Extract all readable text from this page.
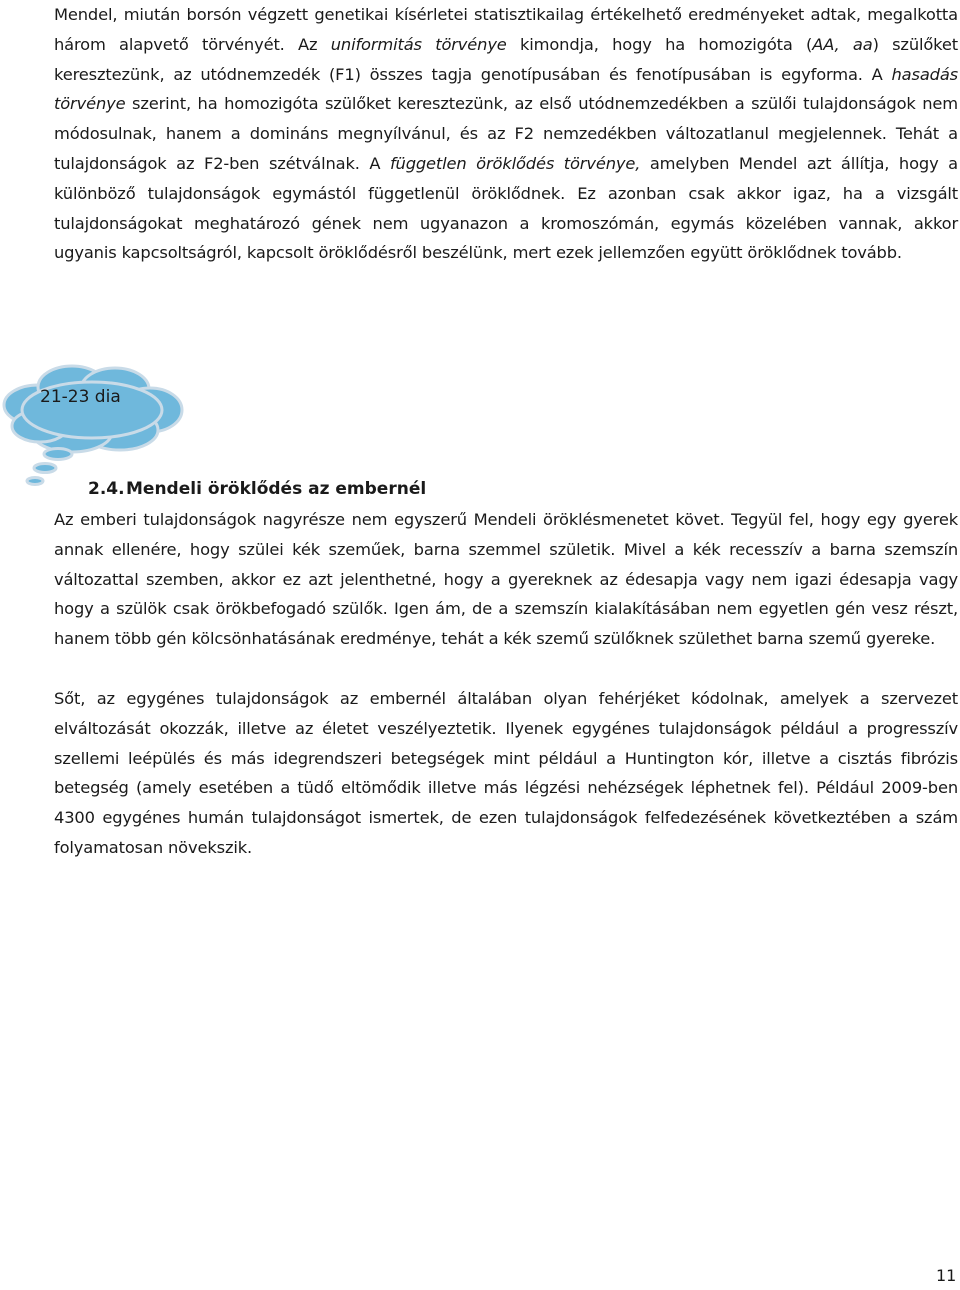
Mendel, miután borsón végzett genetikai kísérletei statisztikailag értékelhető eredményeket adtak, megalkotta három alapvető törvényét. Az uniformitás törvénye kimondja, hogy ha homozigóta (AA, aa) szülőket keresztezünk, az utódnemzedék (F1) összes tagja genotípusában és fenotípusában is egyforma. A hasadás törvénye szerint, ha homozigóta szülőket keresztezünk, az első utódnemzedékben a szülői tulajdonságok nem módosulnak, hanem a domináns megnyílvánul, és az F2 nemzedékben változatlanul megjelennek. Tehát a tulajdonságok az F2-ben szétválnak. A független öröklődés törvénye, amelyben Mendel azt állítja, hogy a különböző tulajdonságok egymástól függetlenül öröklődnek. Ez azonban csak akkor igaz, ha a vizsgált tulajdonságokat meghatározó gének nem ugyanazon a kromoszómán, egymás közelében vannak, akkor ugyanis kapcsoltságról, kapcsolt öröklődésről beszélünk, mert ezek jellemzően együtt öröklődnek tovább.

21-23 dia
2.4.Mendeli öröklődés az embernél

Az emberi tulajdonságok nagyrésze nem egyszerű Mendeli öröklésmenetet követ. Tegyül fel, hogy egy gyerek annak ellenére, hogy szülei kék szeműek, barna szemmel születik. Mivel a kék recesszív a barna szemszín változattal szemben, akkor ez azt jelenthetné, hogy a gyereknek az édesapja vagy nem igazi édesapja vagy hogy a szülök csak örökbefogadó szülők. Igen ám, de a szemszín kialakításában nem egyetlen gén vesz részt, hanem több gén kölcsönhatásának eredménye, tehát a kék szemű szülőknek születhet barna szemű gyereke.

Sőt, az egygénes tulajdonságok az embernél általában olyan fehérjéket kódolnak, amelyek a szervezet elváltozását okozzák, illetve az életet veszélyeztetik. Ilyenek egygénes tulajdonságok például a progresszív szellemi leépülés és más idegrendszeri betegségek mint például a Huntington kór, illetve a cisztás fibrózis betegség (amely esetében a tüdő eltömődik illetve más légzési nehézségek léphetnek fel). Például 2009-ben 4300 egygénes humán tulajdonságot ismertek, de ezen tulajdonságok felfedezésének következtében a szám folyamatosan növekszik.

11
